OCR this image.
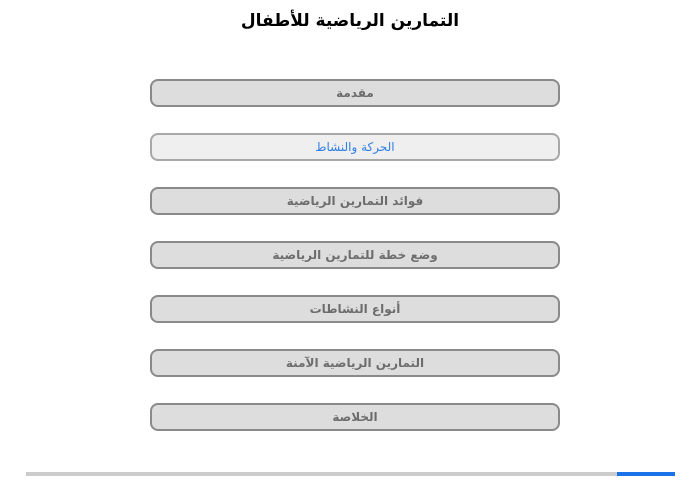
التمارين الرياضية للأطفال
مقدمة
الحركة والنشاط
فوائد التمارين الرياضية
وضع خطة للتمارين الرياضية
أنواع النشاطات
التمارين الرياضية الآمنة
الخلاصة
